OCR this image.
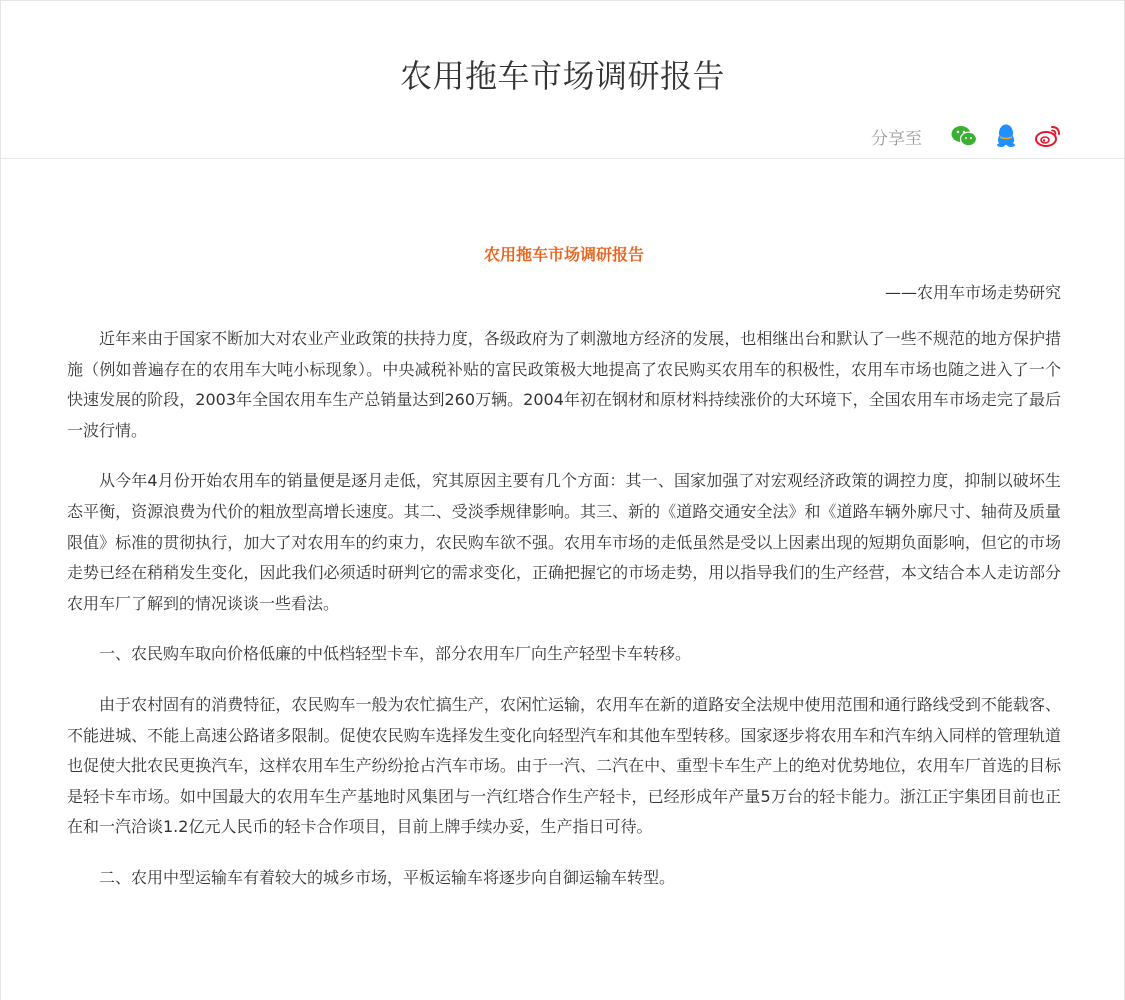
农用拖车市场调研报告
分享至
农用拖车市场调研报告
——农用车市场走势研究

近年来由于国家不断加大对农业产业政策的扶持力度，各级政府为了刺激地方经济的发展，也相继出台和默认了一些不规范的地方保护措施（例如普遍存在的农用车大吨小标现象）。中央减税补贴的富民政策极大地提高了农民购买农用车的积极性，农用车市场也随之进入了一个快速发展的阶段，2003年全国农用车生产总销量达到260万辆。2004年初在钢材和原材料持续涨价的大环境下，全国农用车市场走完了最后一波行情。

从今年4月份开始农用车的销量便是逐月走低，究其原因主要有几个方面：其一、国家加强了对宏观经济政策的调控力度，抑制以破坏生态平衡，资源浪费为代价的粗放型高增长速度。其二、受淡季规律影响。其三、新的《道路交通安全法》和《道路车辆外廓尺寸、轴荷及质量限值》标准的贯彻执行，加大了对农用车的约束力，农民购车欲不强。农用车市场的走低虽然是受以上因素出现的短期负面影响，但它的市场走势已经在稍稍发生变化，因此我们必须适时研判它的需求变化，正确把握它的市场走势，用以指导我们的生产经营，本文结合本人走访部分农用车厂了解到的情况谈谈一些看法。

一、农民购车取向价格低廉的中低档轻型卡车，部分农用车厂向生产轻型卡车转移。

由于农村固有的消费特征，农民购车一般为农忙搞生产，农闲忙运输，农用车在新的道路安全法规中使用范围和通行路线受到不能载客、不能进城、不能上高速公路诸多限制。促使农民购车选择发生变化向轻型汽车和其他车型转移。国家逐步将农用车和汽车纳入同样的管理轨道也促使大批农民更换汽车，这样农用车生产纷纷抢占汽车市场。由于一汽、二汽在中、重型卡车生产上的绝对优势地位，农用车厂首选的目标是轻卡车市场。如中国最大的农用车生产基地时风集团与一汽红塔合作生产轻卡，已经形成年产量5万台的轻卡能力。浙江正宇集团目前也正在和一汽洽谈1.2亿元人民币的轻卡合作项目，目前上牌手续办妥，生产指日可待。

二、农用中型运输车有着较大的城乡市场，平板运输车将逐步向自御运输车转型。
